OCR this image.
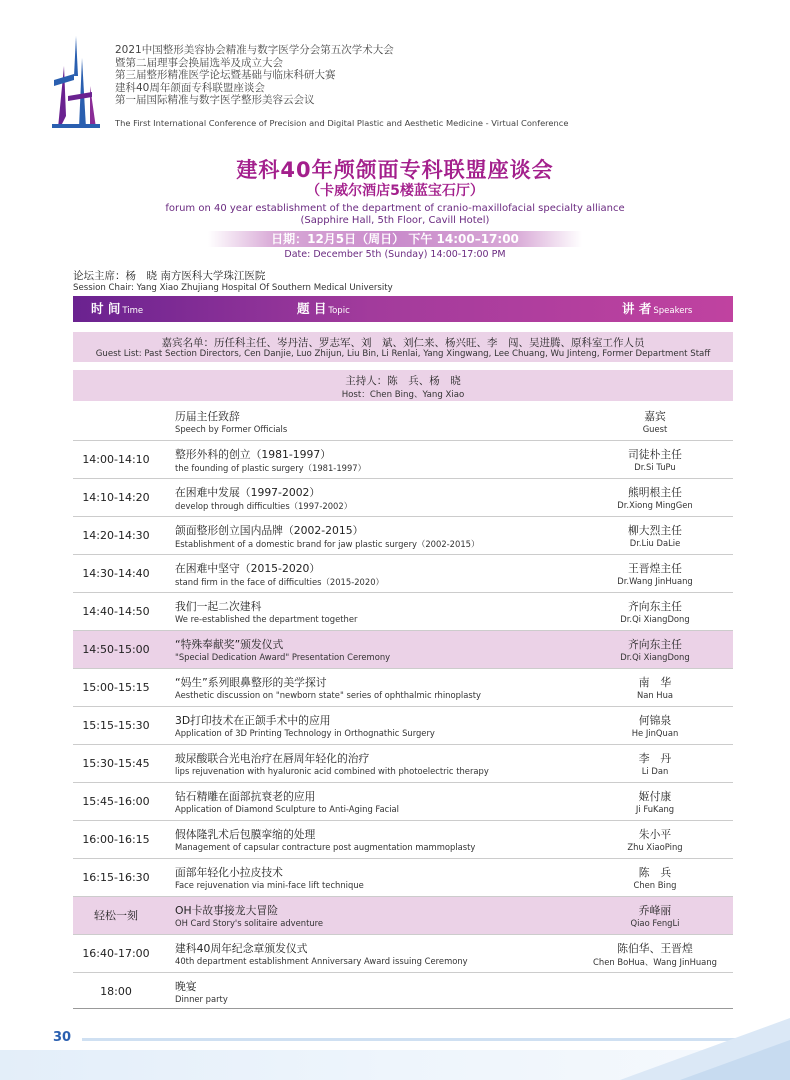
2021中国整形美容协会精准与数字医学分会第五次学术大会
暨第二届理事会换届选举及成立大会
第三届整形精准医学论坛暨基础与临床科研大赛
建科40周年颌面专科联盟座谈会
第一届国际精准与数字医学整形美容云会议
The First International Conference of Precision and Digital Plastic and Aesthetic Medicine - Virtual Conference
建科40年颅颌面专科联盟座谈会
（卡威尔酒店5楼蓝宝石厅）
forum on 40 year establishment of the department of cranio-maxillofacial specialty alliance
(Sapphire Hall, 5th Floor, Cavill Hotel)
日期：12月5日（周日） 下午 14:00–17:00
Date: December 5th (Sunday) 14:00-17:00 PM
论坛主席：杨　晓 南方医科大学珠江医院
Session Chair: Yang Xiao Zhujiang Hospital Of Southern Medical University
时 间 Time	题 目 Topic	讲 者 Speakers
嘉宾名单：历任科主任、岑丹洁、罗志军、刘　斌、刘仁来、杨兴旺、李　闯、吴进腾、原科室工作人员
Guest List: Past Section Directors, Cen Danjie, Luo Zhijun, Liu Bin, Li Renlai, Yang Xingwang, Lee Chuang, Wu Jinteng, Former Department Staff
主持人：陈　兵、杨　晓
Host：Chen Bing、Yang Xiao
历届主任致辞
Speech by Former Officials
嘉宾
Guest
14:00-14:10	整形外科的创立（1981-1997）
the founding of plastic surgery（1981-1997）
司徒朴主任
Dr.Si TuPu
14:10-14:20	在困难中发展（1997-2002）
develop through difficulties（1997-2002）
熊明根主任
Dr.Xiong MingGen
14:20-14:30	颌面整形创立国内品牌（2002-2015）
Establishment of a domestic brand for jaw plastic surgery（2002-2015）
柳大烈主任
Dr.Liu DaLie
14:30-14:40	在困难中坚守（2015-2020）
stand firm in the face of difficulties（2015-2020）
王晋煌主任
Dr.Wang JinHuang
14:40-14:50	我们一起二次建科
We re-established the department together
齐向东主任
Dr.Qi XiangDong
14:50-15:00	“特殊奉献奖”颁发仪式
"Special Dedication Award" Presentation Ceremony
齐向东主任
Dr.Qi XiangDong
15:00-15:15	“妈生”系列眼鼻整形的美学探讨
Aesthetic discussion on "newborn state" series of ophthalmic rhinoplasty
南　华
Nan Hua
15:15-15:30	3D打印技术在正颌手术中的应用
Application of 3D Printing Technology in Orthognathic Surgery
何锦泉
He JinQuan
15:30-15:45	玻尿酸联合光电治疗在唇周年轻化的治疗
lips rejuvenation with hyaluronic acid combined with photoelectric therapy
李　丹
Li Dan
15:45-16:00	钻石精雕在面部抗衰老的应用
Application of Diamond Sculpture to Anti-Aging Facial
姬付康
Ji FuKang
16:00-16:15	假体隆乳术后包膜挛缩的处理
Management of capsular contracture post augmentation mammoplasty
朱小平
Zhu XiaoPing
16:15-16:30	面部年轻化小拉皮技术
Face rejuvenation via mini-face lift technique
陈　兵
Chen Bing
轻松一刻	OH卡故事接龙大冒险
OH Card Story's solitaire adventure
乔峰丽
Qiao FengLi
16:40-17:00	建科40周年纪念章颁发仪式
40th department establishment Anniversary Award issuing Ceremony
陈伯华、王晋煌
Chen BoHua、Wang JinHuang
18:00	晚宴
Dinner party
30
